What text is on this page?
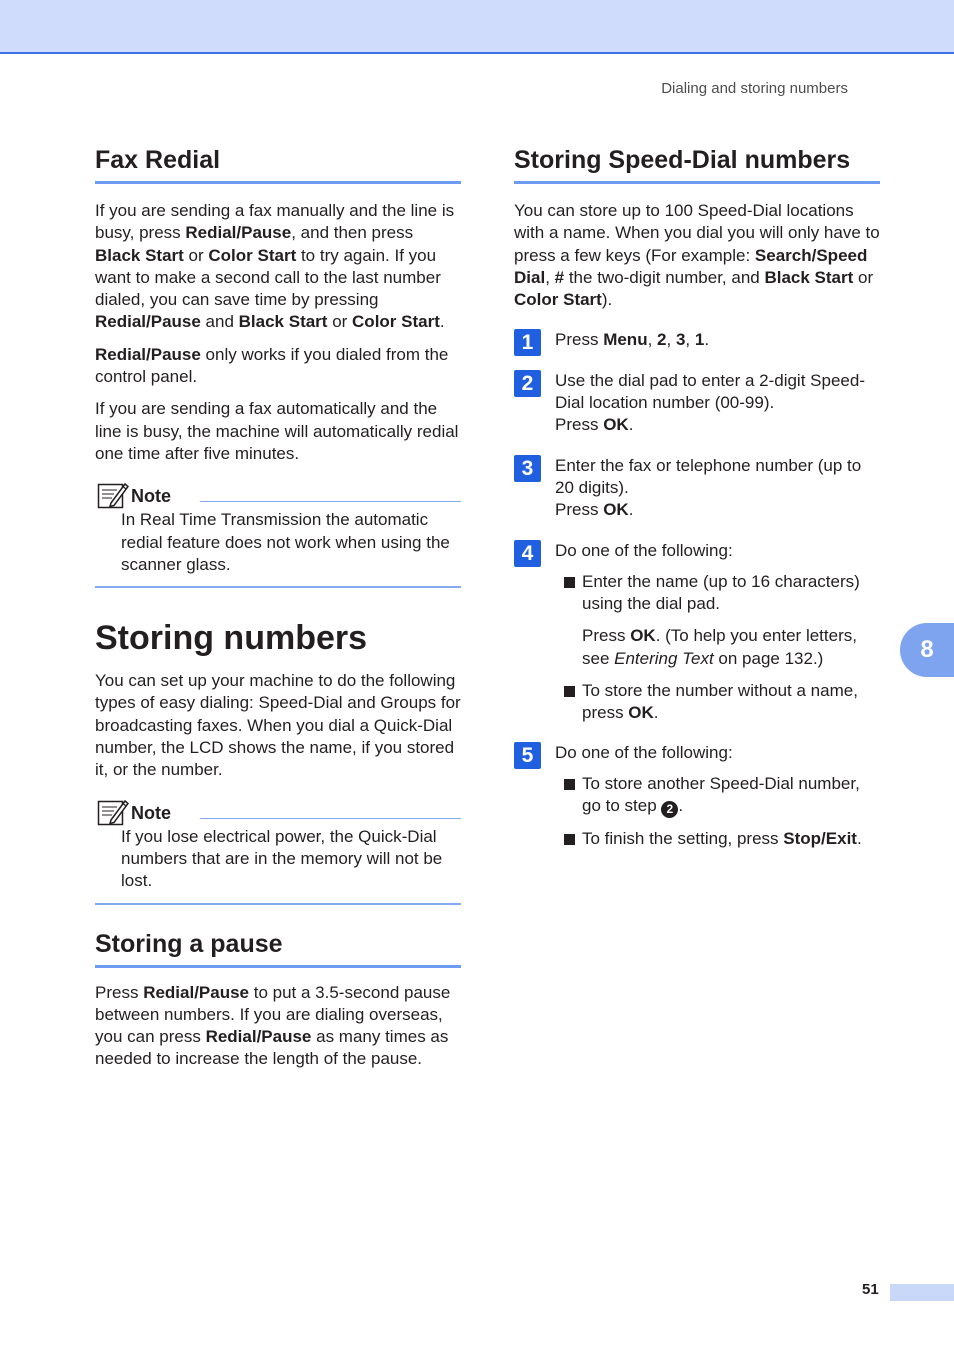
Dialing and storing numbers
Fax Redial

If you are sending a fax manually and the line is busy, press Redial/Pause, and then press Black Start or Color Start to try again. If you want to make a second call to the last number dialed, you can save time by pressing Redial/Pause and Black Start or Color Start.

Redial/Pause only works if you dialed from the control panel.

If you are sending a fax automatically and the line is busy, the machine will automatically redial one time after five minutes.

Note

In Real Time Transmission the automatic redial feature does not work when using the scanner glass.

Storing numbers

You can set up your machine to do the following types of easy dialing: Speed-Dial and Groups for broadcasting faxes. When you dial a Quick-Dial number, the LCD shows the name, if you stored it, or the number.

Note

If you lose electrical power, the Quick-Dial numbers that are in the memory will not be lost.

Storing a pause

Press Redial/Pause to put a 3.5-second pause between numbers. If you are dialing overseas, you can press Redial/Pause as many times as needed to increase the length of the pause.

Storing Speed-Dial numbers

You can store up to 100 Speed-Dial locations with a name. When you dial you will only have to press a few keys (For example: Search/Speed Dial, # the two-digit number, and Black Start or Color Start).

1	Press Menu, 2, 3, 1.

2	Use the dial pad to enter a 2-digit Speed-Dial location number (00-99).
Press OK.

3	Enter the fax or telephone number (up to 20 digits).
Press OK.

4	Do one of the following:

Enter the name (up to 16 characters) using the dial pad.

Press OK. (To help you enter letters, see Entering Text on page 132.)

To store the number without a name, press OK.

5	Do one of the following:

To store another Speed-Dial number, go to step 2 .

To finish the setting, press Stop/Exit.

8
51
